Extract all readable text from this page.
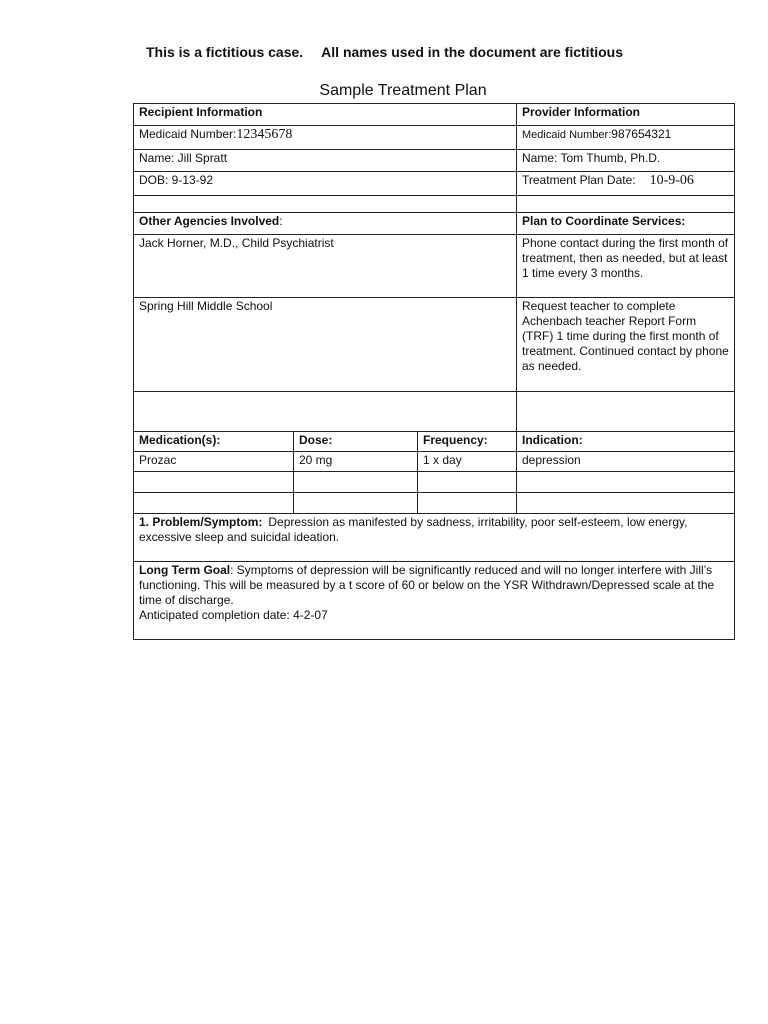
This is a fictitious case. All names used in the document are fictitious
Sample Treatment Plan
Recipient Information			Provider Information
Medicaid Number:12345678			Medicaid Number:987654321
Name: Jill Spratt			Name: Tom Thumb, Ph.D.
DOB: 9-13-92			Treatment Plan Date: 10-9-06

Other Agencies Involved:			Plan to Coordinate Services:
Jack Horner, M.D., Child Psychiatrist			Phone contact during the first month of treatment, then as needed, but at least 1 time every 3 months.
Spring Hill Middle School			Request teacher to complete Achenbach teacher Report Form (TRF) 1 time during the first month of treatment. Continued contact by phone as needed.

Medication(s):	Dose:	Frequency:	Indication:
Prozac	20 mg	1 x day	depression

1. Problem/Symptom: Depression as manifested by sadness, irritability, poor self-esteem, low energy, excessive sleep and suicidal ideation.			
Long Term Goal: Symptoms of depression will be significantly reduced and will no longer interfere with Jill’s functioning. This will be measured by a t score of 60 or below on the YSR Withdrawn/Depressed scale at the time of discharge.
Anticipated completion date: 4-2-07			
